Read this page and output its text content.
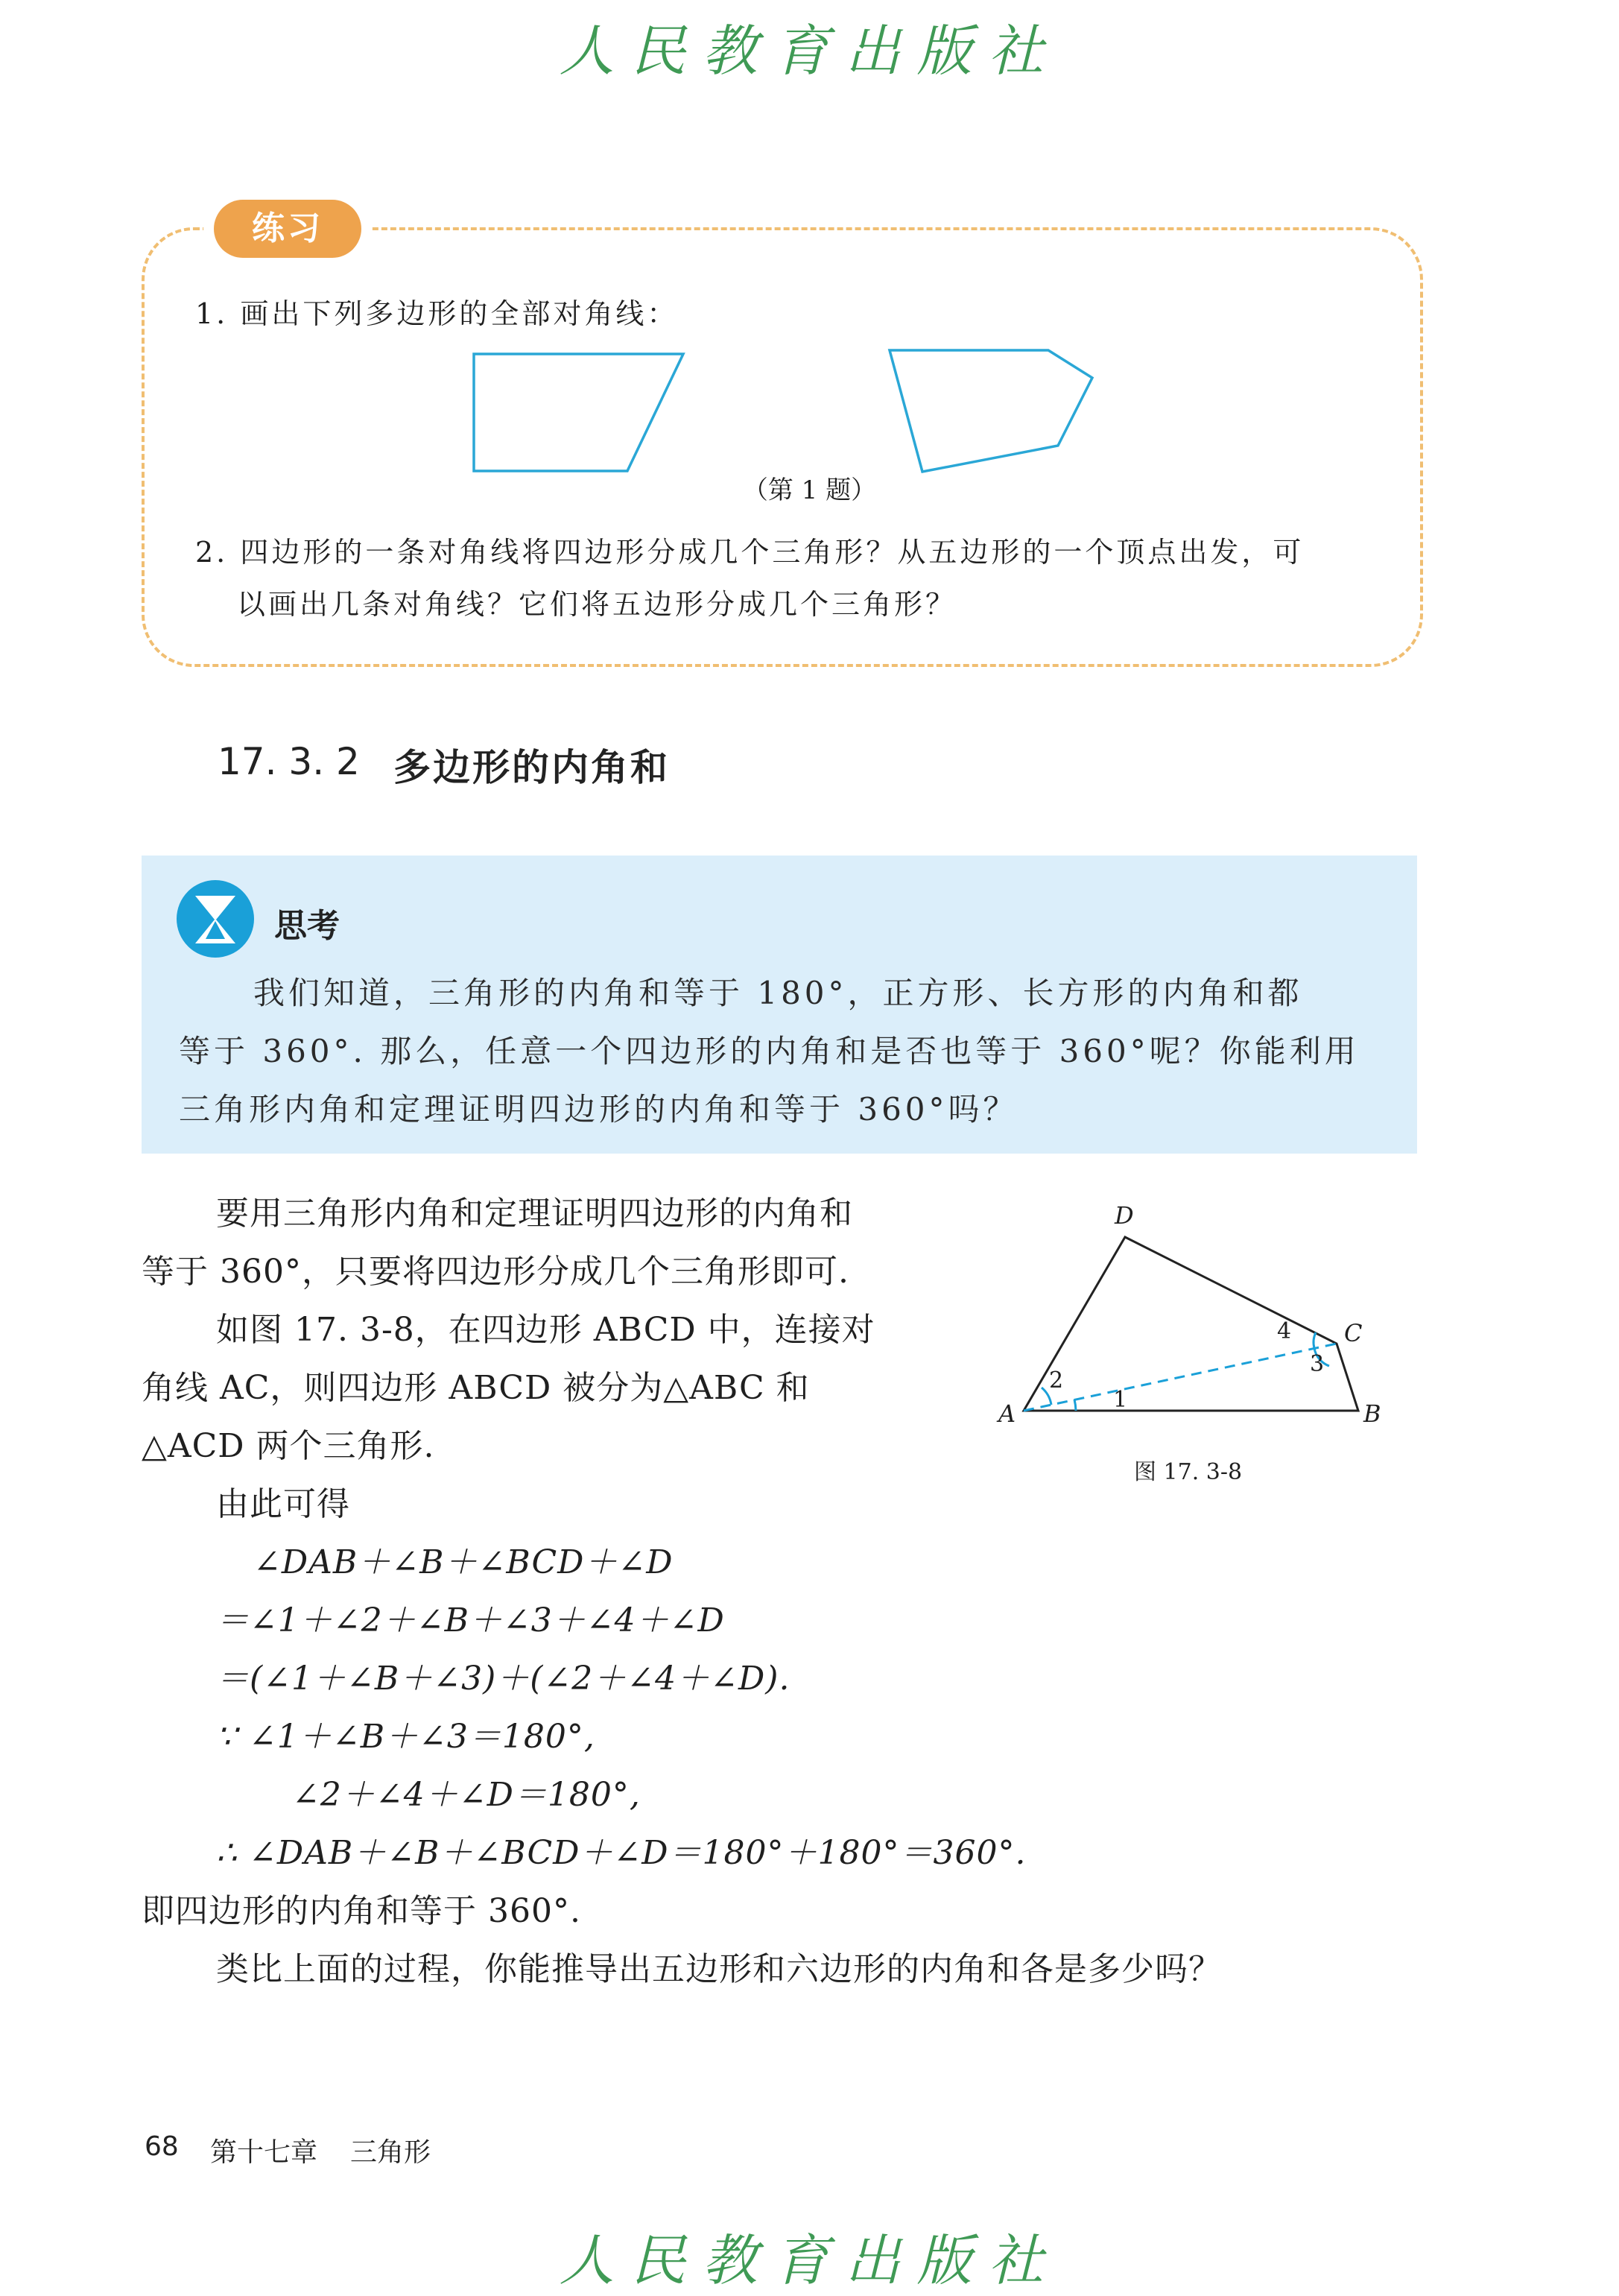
人民教育出版社
练习
1. 画出下列多边形的全部对角线：
（第 1 题）
2. 四边形的一条对角线将四边形分成几个三角形？从五边形的一个顶点出发，可
以画出几条对角线？它们将五边形分成几个三角形？
17. 3. 2 多边形的内角和
思考
我们知道，三角形的内角和等于 180°，正方形、长方形的内角和都
等于 360°. 那么，任意一个四边形的内角和是否也等于 360°呢？你能利用
三角形内角和定理证明四边形的内角和等于 360°吗？
要用三角形内角和定理证明四边形的内角和
等于 360°，只要将四边形分成几个三角形即可.
如图 17. 3-8，在四边形 ABCD 中，连接对
角线 AC，则四边形 ABCD 被分为△ABC 和
△ACD 两个三角形.
由此可得
∠DAB＋∠B＋∠BCD＋∠D
＝∠1＋∠2＋∠B＋∠3＋∠4＋∠D
＝(∠1＋∠B＋∠3)＋(∠2＋∠4＋∠D).
∵ ∠1＋∠B＋∠3＝180°,
∠2＋∠4＋∠D＝180°,
∴ ∠DAB＋∠B＋∠BCD＋∠D＝180°＋180°＝360°.
即四边形的内角和等于 360°.
类比上面的过程，你能推导出五边形和六边形的内角和各是多少吗？
D
C
A	B
1
2
3
4
图 17. 3-8
68 第十七章 三角形
人民教育出版社
